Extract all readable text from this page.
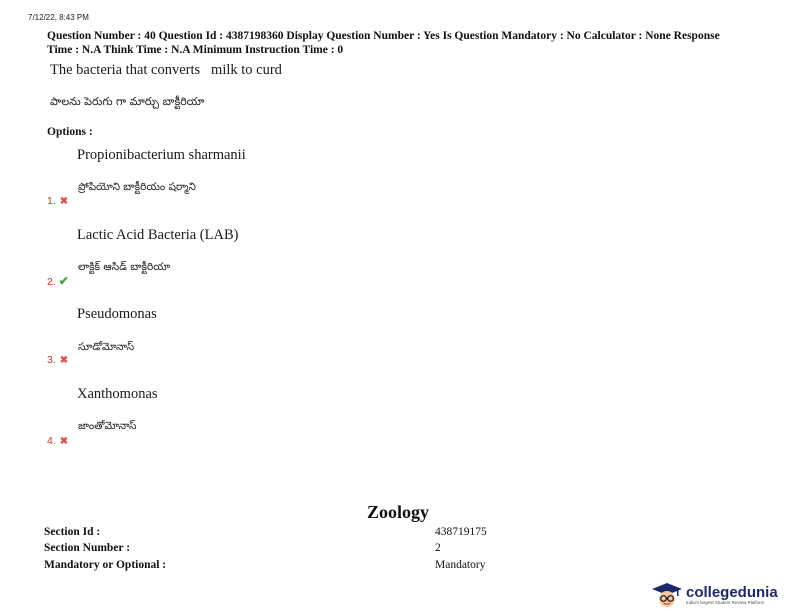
7/12/22, 8:43 PM
Question Number : 40 Question Id : 4387198360 Display Question Number : Yes Is Question Mandatory : No Calculator : None Response
Time : N.A Think Time : N.A Minimum Instruction Time : 0
The bacteria that converts   milk to curd
పాలను పెరుగు గా మార్చు బాక్టీరియా
Options :
Propionibacterium sharmanii
ప్రోపియోని బాక్టీరియం షర్మాని
1. ✖
Lactic Acid Bacteria (LAB)
లాక్టిక్ ఆసిడ్ బాక్టీరియా
2. ✔
Pseudomonas
సూడోమోనాస్
3. ✖
Xanthomonas
జాంతోమోనాస్
4. ✖
Zoology
Section Id :	438719175
Section Number :	2
Mandatory or Optional :	Mandatory
collegedunia
India's largest Student Review Platform
